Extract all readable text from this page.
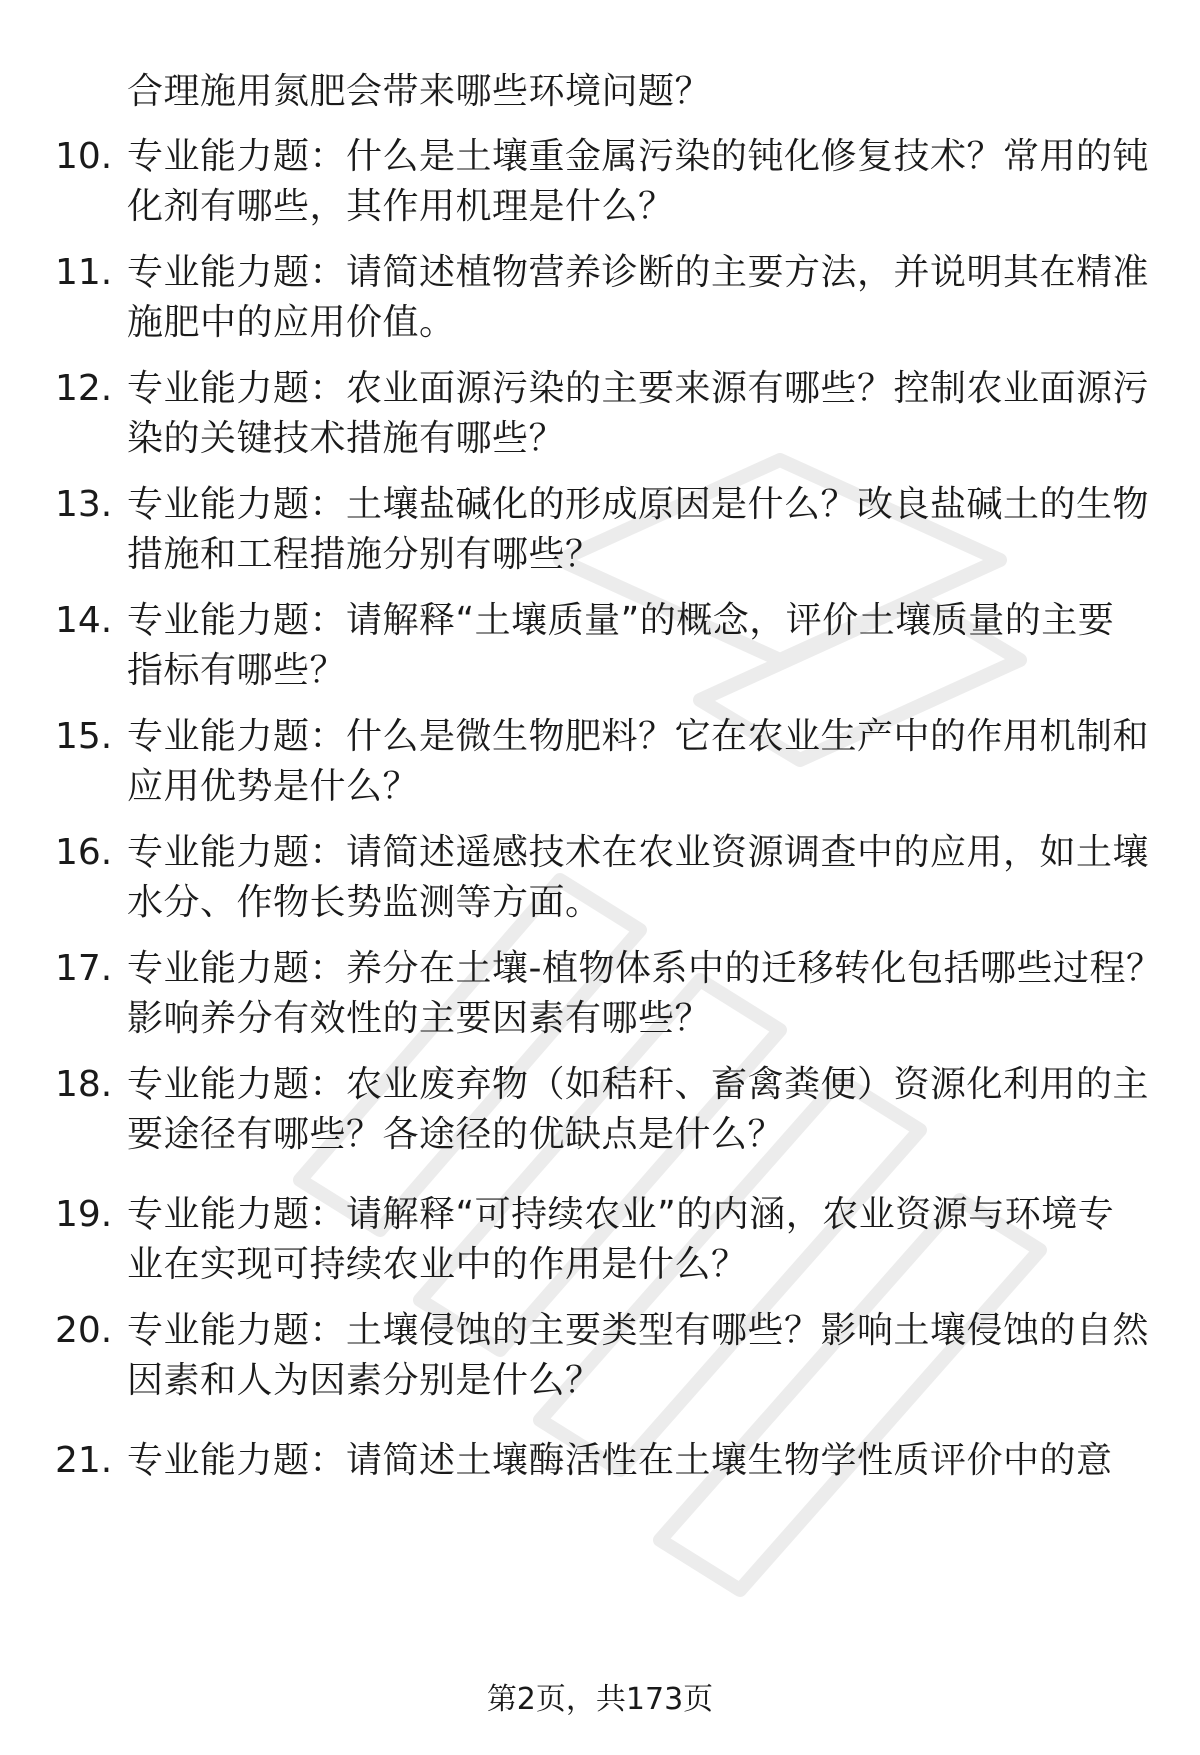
合理施用氮肥会带来哪些环境问题？
10. 专业能力题：什么是土壤重金属污染的钝化修复技术？常用的钝
化剂有哪些，其作用机理是什么？
11. 专业能力题：请简述植物营养诊断的主要方法，并说明其在精准
施肥中的应用价值。
12. 专业能力题：农业面源污染的主要来源有哪些？控制农业面源污
染的关键技术措施有哪些？
13. 专业能力题：土壤盐碱化的形成原因是什么？改良盐碱土的生物
措施和工程措施分别有哪些？
14. 专业能力题：请解释“土壤质量”的概念，评价土壤质量的主要
指标有哪些？
15. 专业能力题：什么是微生物肥料？它在农业生产中的作用机制和
应用优势是什么？
16. 专业能力题：请简述遥感技术在农业资源调查中的应用，如土壤
水分、作物长势监测等方面。
17. 专业能力题：养分在土壤-植物体系中的迁移转化包括哪些过程？
影响养分有效性的主要因素有哪些？
18. 专业能力题：农业废弃物（如秸秆、畜禽粪便）资源化利用的主
要途径有哪些？各途径的优缺点是什么？
19. 专业能力题：请解释“可持续农业”的内涵，农业资源与环境专
业在实现可持续农业中的作用是什么？
20. 专业能力题：土壤侵蚀的主要类型有哪些？影响土壤侵蚀的自然
因素和人为因素分别是什么？
21. 专业能力题：请简述土壤酶活性在土壤生物学性质评价中的意
第2页，共173页
